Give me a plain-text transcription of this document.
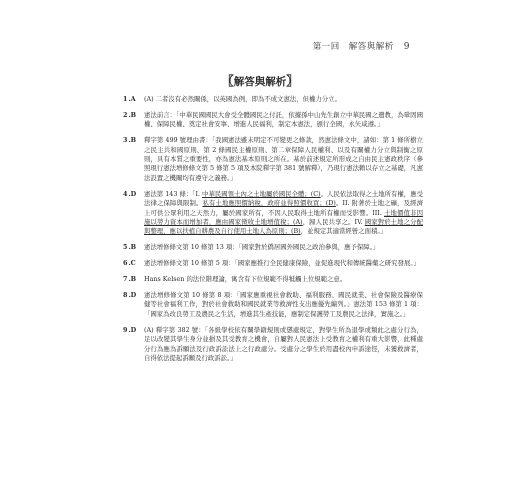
第一回　解答與解析 9
〖解答與解析〗
1.A	(A) 二者沒有必然關係，以英國為例，即為不成文憲法，但權力分立。
2.B	憲法前言：「中華民國國民大會受全體國民之付託，依據孫中山先生創立中華民國之遺教，為鞏固國權、保障民權、奠定社會安寧、增進人民福利，制定本憲法，頒行全國，永矢咸遵。」
3.B	釋字第 499 號理由書：「我國憲法雖未明定不可變更之條款，然憲法條文中，諸如：第 1 條所樹立之民主共和國原則、第 2 條國民主權原則、第二章保障人民權利、以及有關權力分立與制衡之原則，具有本質之重要性，亦為憲法基本原則之所在。基於前述規定所形成之自由民主憲政秩序（參照現行憲法增修條文第 5 條第 5 項及本院釋字第 381 號解釋），乃現行憲法賴以存立之基礎，凡憲法設置之機關均有遵守之義務。」
4.D	憲法第 143 條：「I. 中華民國領土內之土地屬於國民全體；(C)。人民依法取得之土地所有權，應受法律之保障與限制。私有土地應照價納稅，政府並得照價收買；(D)。II. 附著於土地之礦，及經濟上可供公眾利用之天然力，屬於國家所有，不因人民取得土地所有權而受影響。III. 土地價值非因施以勞力資本而增加者，應由國家徵收土地增值稅；(A)，歸人民共享之。IV. 國家對於土地之分配與整理，應以扶植自耕農及自行使用土地人為原則；(B)，並規定其適當經營之面積。」
5.B	憲法增修條文第 10 條第 13 項：「國家對於僑居國外國民之政治參與，應予保障。」
6.C	憲法增修條文第 10 條第 5 項：「國家應推行全民健康保險，並促進現代和傳統醫藥之研究發展。」
7.B	Hans Kelsen 的法位階理論，寓含有下位規範不得牴觸上位規範之意。
8.D	憲法增修條文第 10 條第 8 項：「國家應重視社會救助、福利服務、國民就業、社會保險及醫療保健等社會福利工作，對於社會救助和國民就業等救濟性支出應優先編列。」憲法第 153 條第 1 項：「國家為改良勞工及農民之生活，增進其生產技能，應制定保護勞工及農民之法律，實施之。」
9.D	(A) 釋字第 382 號：「各級學校依有關學籍規則或懲處規定，對學生所為退學或類此之處分行為，足以改變其學生身分並損及其受教育之機會，自屬對人民憲法上受教育之權利有重大影響，此種處分行為應為訴願法及行政訴訟法上之行政處分。受處分之學生於用盡校內申訴途徑，未獲救濟者，自得依法提起訴願及行政訴訟。」
